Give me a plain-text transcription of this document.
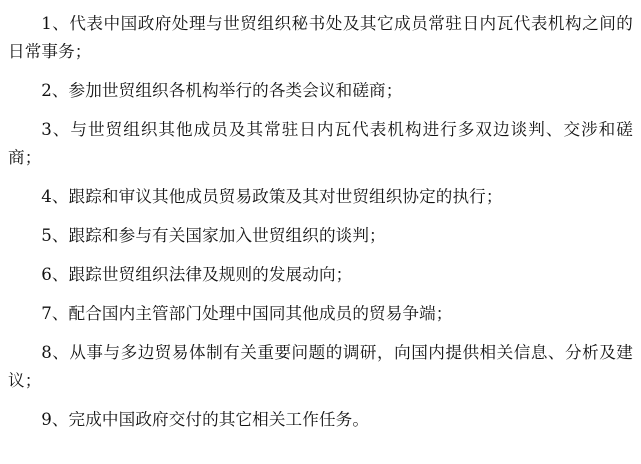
1、代表中国政府处理与世贸组织秘书处及其它成员常驻日内瓦代表机构之间的日常事务；

2、参加世贸组织各机构举行的各类会议和磋商；

3、与世贸组织其他成员及其常驻日内瓦代表机构进行多双边谈判、交涉和磋商；

4、跟踪和审议其他成员贸易政策及其对世贸组织协定的执行；

5、跟踪和参与有关国家加入世贸组织的谈判；

6、跟踪世贸组织法律及规则的发展动向；

7、配合国内主管部门处理中国同其他成员的贸易争端；

8、从事与多边贸易体制有关重要问题的调研，向国内提供相关信息、分析及建议；

9、完成中国政府交付的其它相关工作任务。
